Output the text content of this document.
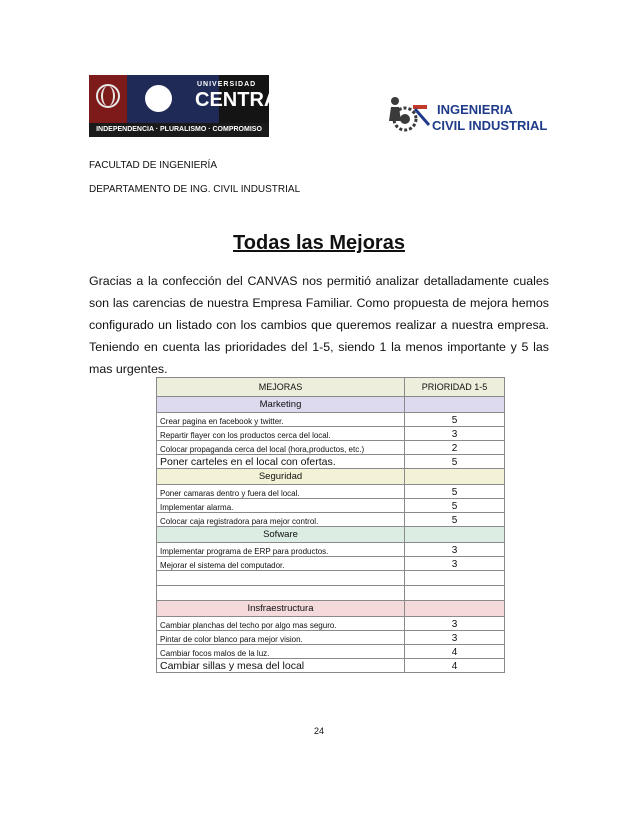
UNIVERSIDAD
CENTRAL
INDEPENDENCIA · PLURALISMO · COMPROMISO
INGENIERIA
CIVIL INDUSTRIAL
FACULTAD DE INGENIERÍA
DEPARTAMENTO DE ING. CIVIL INDUSTRIAL
Todas las Mejoras
Gracias a la confección del CANVAS nos permitió analizar detalladamente cuales son las carencias de nuestra Empresa Familiar. Como propuesta de mejora hemos configurado un listado con los cambios que queremos realizar a nuestra empresa. Teniendo en cuenta las prioridades del 1-5, siendo 1 la menos importante y 5 las mas urgentes.
MEJORAS	PRIORIDAD 1-5
Marketing	
Crear pagina en facebook y twitter.	5
Repartir flayer con los productos cerca del local.	3
Colocar propaganda cerca del local (hora,productos, etc.)	2
Poner carteles en el local con ofertas.	5
Seguridad	
Poner camaras dentro y fuera del local.	5
Implementar alarma.	5
Colocar caja registradora para mejor control.	5
Sofware	
Implementar programa de ERP para productos.	3
Mejorar el sistema del computador.	3

Insfraestructura	
Cambiar planchas del techo por algo mas seguro.	3
Pintar de color blanco para mejor vision.	3
Cambiar focos malos de la luz.	4
Cambiar sillas y mesa del local	4
24
